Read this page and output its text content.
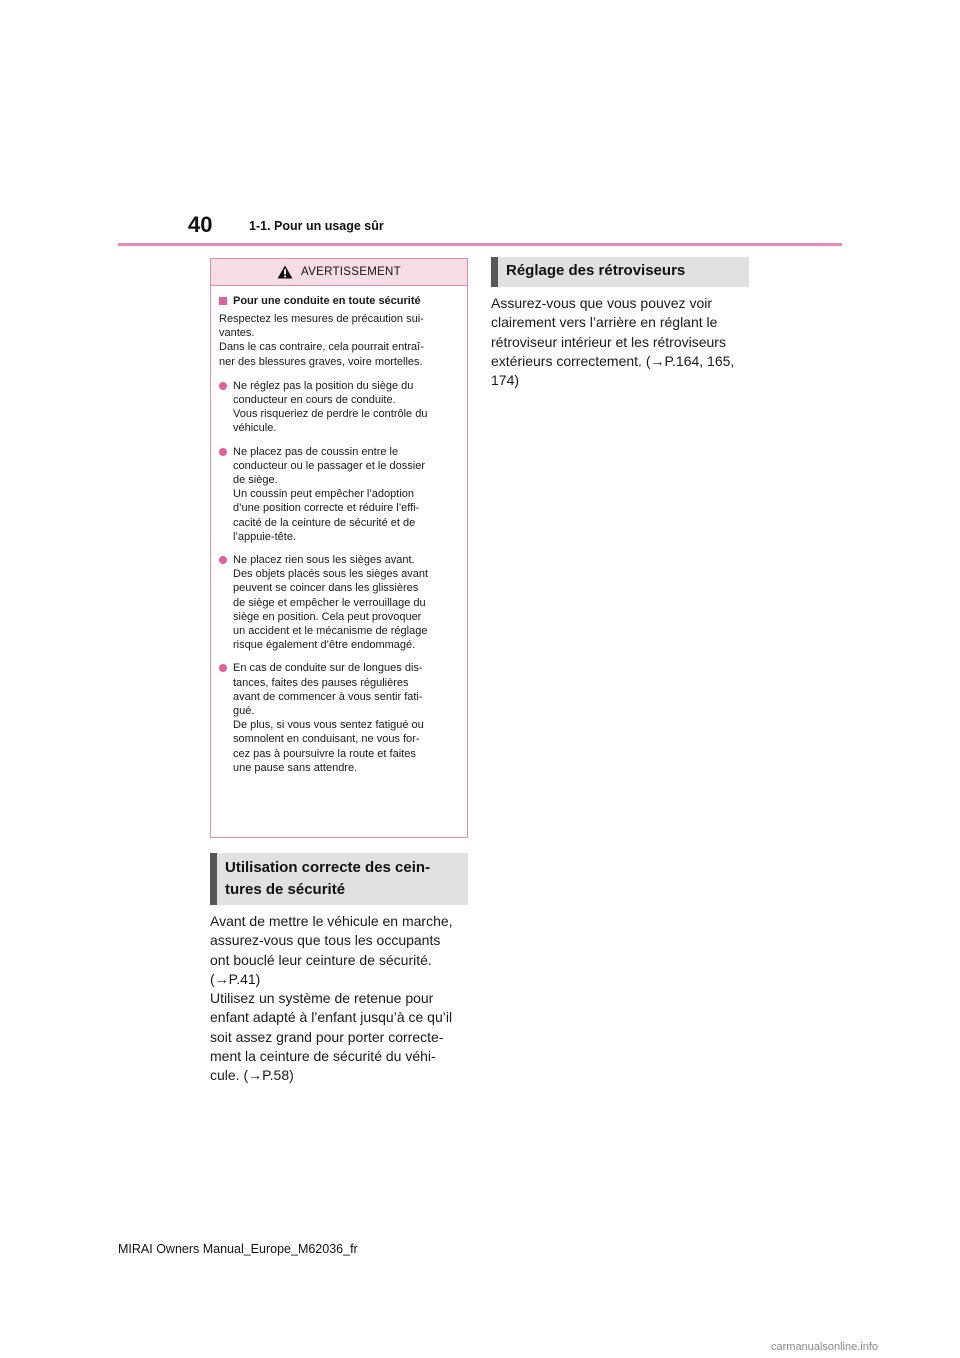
40	1-1. Pour un usage sûr
AVERTISSEMENT
Pour une conduite en toute sécurité

Respectez les mesures de précaution sui-
vantes.
Dans le cas contraire, cela pourrait entraî-
ner des blessures graves, voire mortelles.

Ne réglez pas la position du siège du
conducteur en cours de conduite.
Vous risqueriez de perdre le contrôle du
véhicule.
Ne placez pas de coussin entre le
conducteur ou le passager et le dossier
de siège.
Un coussin peut empêcher l’adoption
d’une position correcte et réduire l’effi-
cacité de la ceinture de sécurité et de
l’appuie-tête.
Ne placez rien sous les sièges avant.
Des objets placés sous les sièges avant
peuvent se coincer dans les glissières
de siège et empêcher le verrouillage du
siège en position. Cela peut provoquer
un accident et le mécanisme de réglage
risque également d’être endommagé.
En cas de conduite sur de longues dis-
tances, faites des pauses régulières
avant de commencer à vous sentir fati-
gué.
De plus, si vous vous sentez fatigué ou
somnolent en conduisant, ne vous for-
cez pas à poursuivre la route et faites
une pause sans attendre.
Utilisation correcte des cein-
tures de sécurité
Avant de mettre le véhicule en marche,
assurez-vous que tous les occupants
ont bouclé leur ceinture de sécurité.
(→P.41)
Utilisez un système de retenue pour
enfant adapté à l’enfant jusqu’à ce qu’il
soit assez grand pour porter correcte-
ment la ceinture de sécurité du véhi-
cule. (→P.58)
Réglage des rétroviseurs
Assurez-vous que vous pouvez voir
clairement vers l’arrière en réglant le
rétroviseur intérieur et les rétroviseurs
extérieurs correctement. (→P.164, 165,
174)
MIRAI Owners Manual_Europe_M62036_fr
carmanualsonline.info
